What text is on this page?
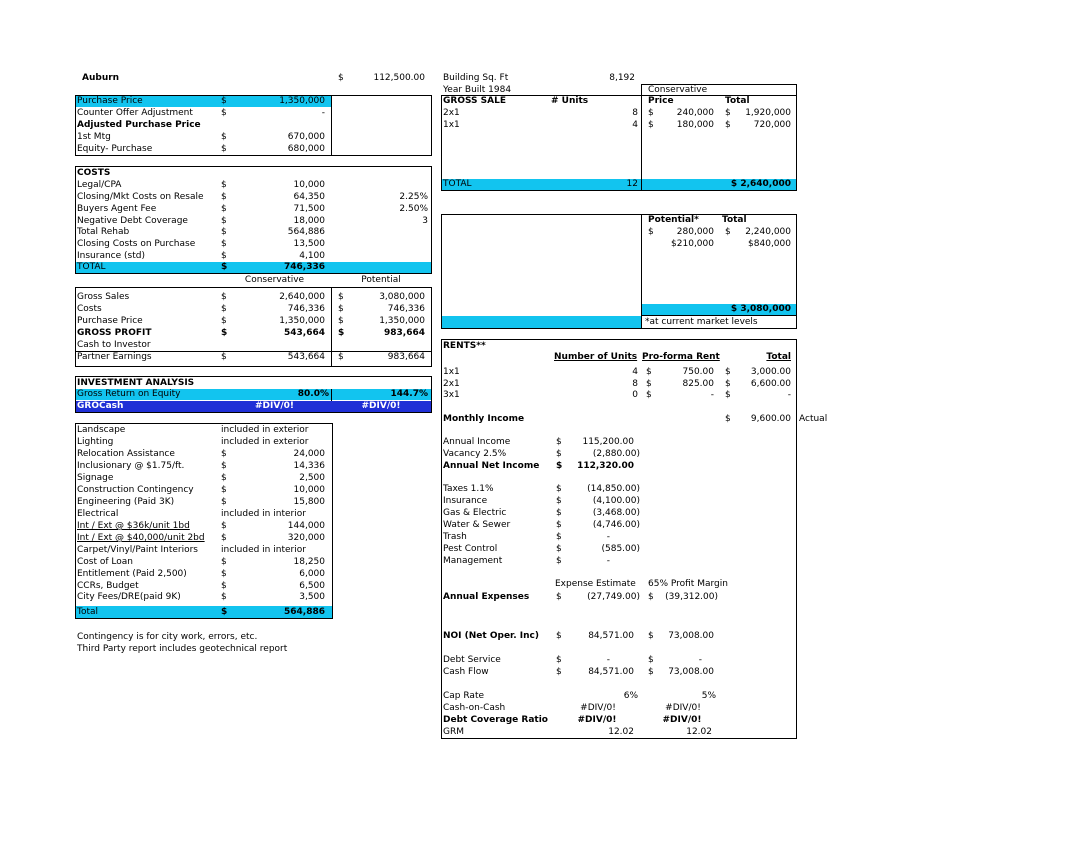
Auburn	$	112,500.00 Building Sq. Ft	8,192
Year Built 1984
Purchase Price	$	1,350,000
Counter Offer Adjustment	$	-
Adjusted Purchase Price
1st Mtg	$	670,000
Equity- Purchase	$	680,000
COSTS
Legal/CPA	$	10,000
Closing/Mkt Costs on Resale $	64,350	2.25%
Buyers Agent Fee	$	71,500	2.50%
Negative Debt Coverage	$	18,000	3
Total Rehab	$	564,886
Closing Costs on Purchase	$	13,500
Insurance (std)	$	4,100
TOTAL	$	746,336
Conservative	Potential
Gross Sales	$	2,640,000 $	3,080,000
Costs	$	746,336 $	746,336
Purchase Price	$	1,350,000 $	1,350,000
GROSS PROFIT	$	543,664 $	983,664
Cash to Investor
Partner Earnings	$	543,664 $	983,664
INVESTMENT ANALYSIS
Gross Return on Equity	80.0%	144.7%
GROCash	#DIV/0!	#DIV/0!
Landscape	included in exterior
Lighting	included in exterior
Relocation Assistance	$	24,000
Inclusionary @ $1.75/ft.	$	14,336
Signage	$	2,500
Construction Contingency	$	10,000
Engineering (Paid 3K)	$	15,800
Electrical	included in interior
Int / Ext @ $36k/unit 1bd	$	144,000
Int / Ext @ $40,000/unit 2bd $	320,000
Carpet/Vinyl/Paint Interiors	included in interior
Cost of Loan	$	18,250
Entitlement (Paid 2,500)	$	6,000
CCRs, Budget	$	6,500
City Fees/DRE(paid 9K)	$	3,500
Total	$	564,886
Contingency is for city work, errors, etc.
Third Party report includes geotechnical report
Conservative
GROSS SALE	# Units	Price	Total
2x1	8 $	240,000 $	1,920,000
1x1	4 $	180,000 $	720,000
TOTAL	12	$ 2,640,000
Potential*	Total
$	280,000 $	2,240,000
$210,000	$840,000
$ 3,080,000
*at current market levels
RENTS**
Number of Units Pro-forma Rent	Total
1x1	4 $	750.00 $	3,000.00
2x1	8 $	825.00 $	6,600.00
3x1	0 $	- $	-
Monthly Income	$	9,600.00 Actual
Annual Income	$	115,200.00
Vacancy 2.5%	$	(2,880.00)
Annual Net Income $	112,320.00
Taxes 1.1%	$	(14,850.00)
Insurance	$	(4,100.00)
Gas & Electric	$	(3,468.00)
Water & Sewer	$	(4,746.00)
Trash	$	-
Pest Control	$	(585.00)
Management	$	-
Expense Estimate 65% Profit Margin
Annual Expenses	$	(27,749.00) $	(39,312.00)
NOI (Net Oper. Inc) $	84,571.00 $	73,008.00
Debt Service	$	-	$	-
Cash Flow	$	84,571.00 $	73,008.00
Cap Rate	6%	5%
Cash-on-Cash	#DIV/0!	#DIV/0!
Debt Coverage Ratio	#DIV/0!	#DIV/0!
GRM	12.02	12.02
